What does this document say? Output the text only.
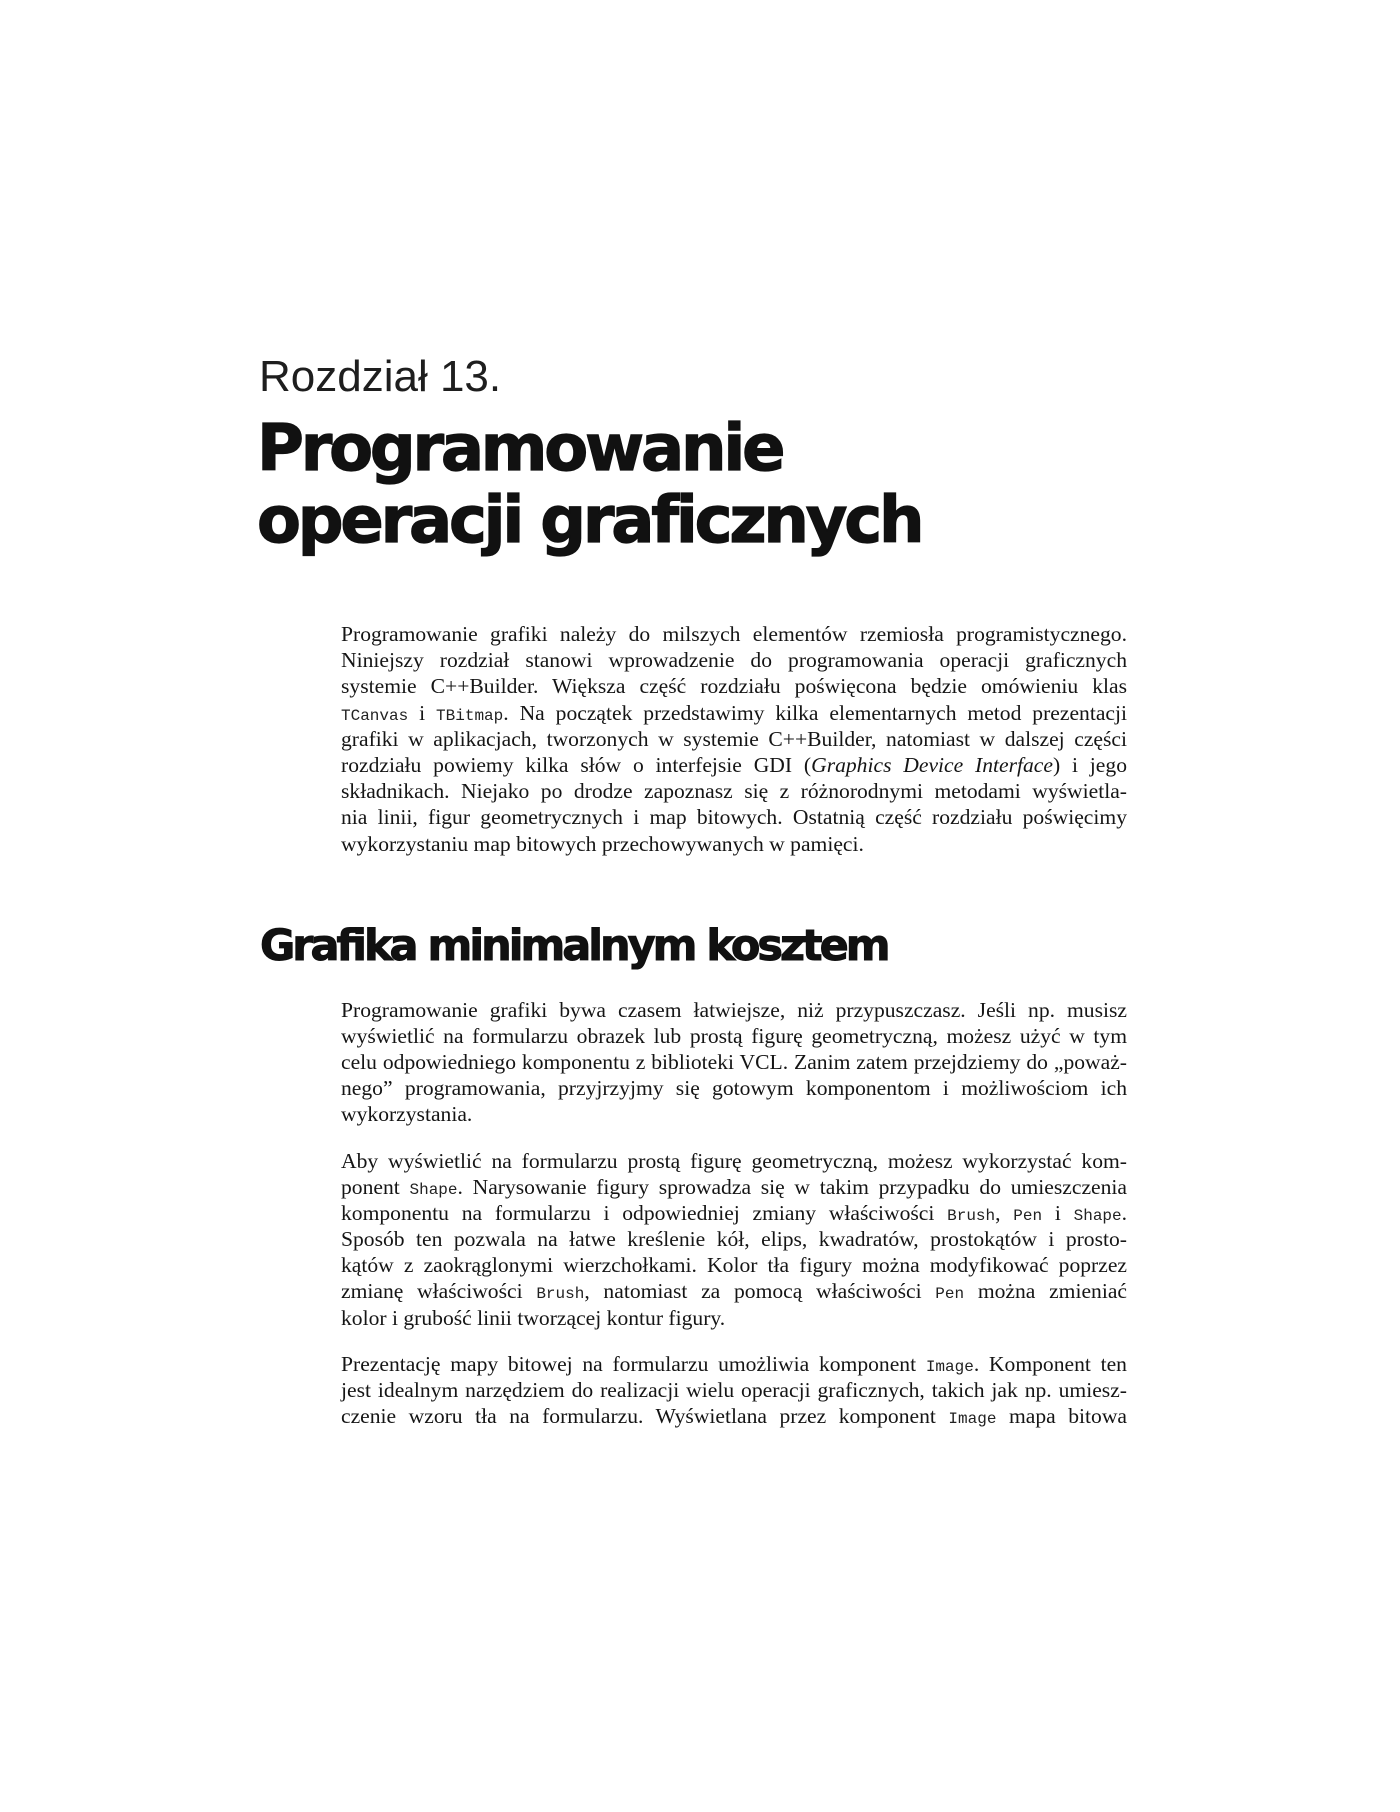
Rozdział 13.
Programowanie
operacji graficznych
Programowanie grafiki należy do milszych elementów rzemiosła programistycznego.
Niniejszy rozdział stanowi wprowadzenie do programowania operacji graficznych
systemie C++Builder. Większa część rozdziału poświęcona będzie omówieniu klas
TCanvas i TBitmap. Na początek przedstawimy kilka elementarnych metod prezentacji
grafiki w aplikacjach, tworzonych w systemie C++Builder, natomiast w dalszej części
rozdziału powiemy kilka słów o interfejsie GDI (Graphics Device Interface) i jego
składnikach. Niejako po drodze zapoznasz się z różnorodnymi metodami wyświetla-
nia linii, figur geometrycznych i map bitowych. Ostatnią część rozdziału poświęcimy
wykorzystaniu map bitowych przechowywanych w pamięci.
Grafika minimalnym kosztem
Programowanie grafiki bywa czasem łatwiejsze, niż przypuszczasz. Jeśli np. musisz
wyświetlić na formularzu obrazek lub prostą figurę geometryczną, możesz użyć w tym
celu odpowiedniego komponentu z biblioteki VCL. Zanim zatem przejdziemy do „poważ-
nego” programowania, przyjrzyjmy się gotowym komponentom i możliwościom ich
wykorzystania.
Aby wyświetlić na formularzu prostą figurę geometryczną, możesz wykorzystać kom-
ponent Shape. Narysowanie figury sprowadza się w takim przypadku do umieszczenia
komponentu na formularzu i odpowiedniej zmiany właściwości Brush, Pen i Shape.
Sposób ten pozwala na łatwe kreślenie kół, elips, kwadratów, prostokątów i prosto-
kątów z zaokrąglonymi wierzchołkami. Kolor tła figury można modyfikować poprzez
zmianę właściwości Brush, natomiast za pomocą właściwości Pen można zmieniać
kolor i grubość linii tworzącej kontur figury.
Prezentację mapy bitowej na formularzu umożliwia komponent Image. Komponent ten
jest idealnym narzędziem do realizacji wielu operacji graficznych, takich jak np. umiesz-
czenie wzoru tła na formularzu. Wyświetlana przez komponent Image mapa bitowa
